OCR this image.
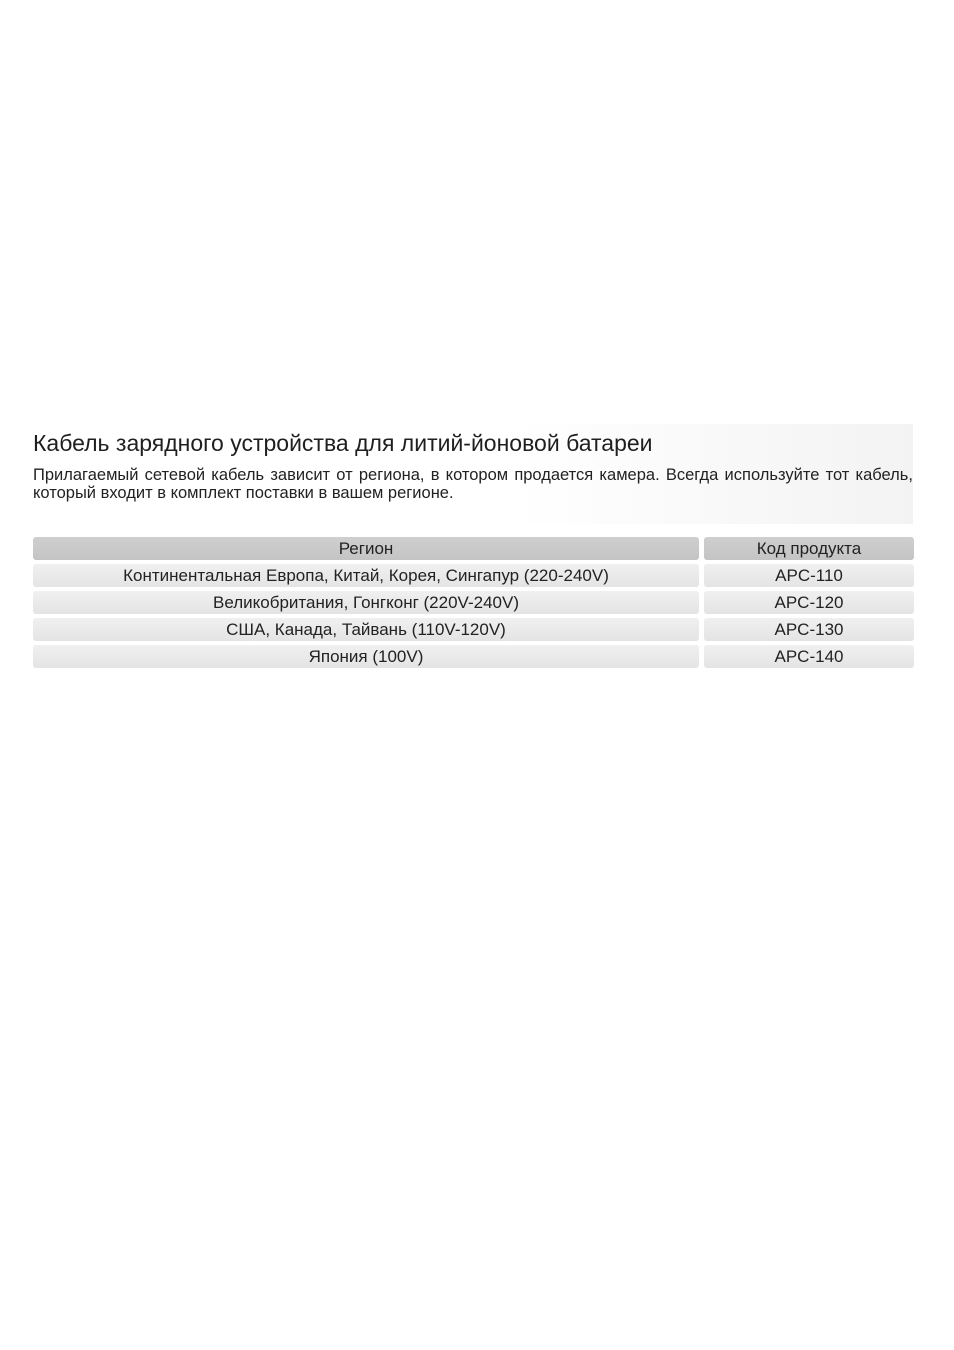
Кабель зарядного устройства для литий-йоновой батареи
Прилагаемый сетевой кабель зависит от региона, в котором продается камера. Всегда используйте тот кабель, который входит в комплект поставки в вашем регионе.
Регион	Код продукта
Континентальная Европа, Китай, Корея, Сингапур (220-240V)	APC-110
Великобритания, Гонгконг (220V-240V)	APC-120
США, Канада, Тайвань (110V-120V)	APC-130
Япония (100V)	APC-140
